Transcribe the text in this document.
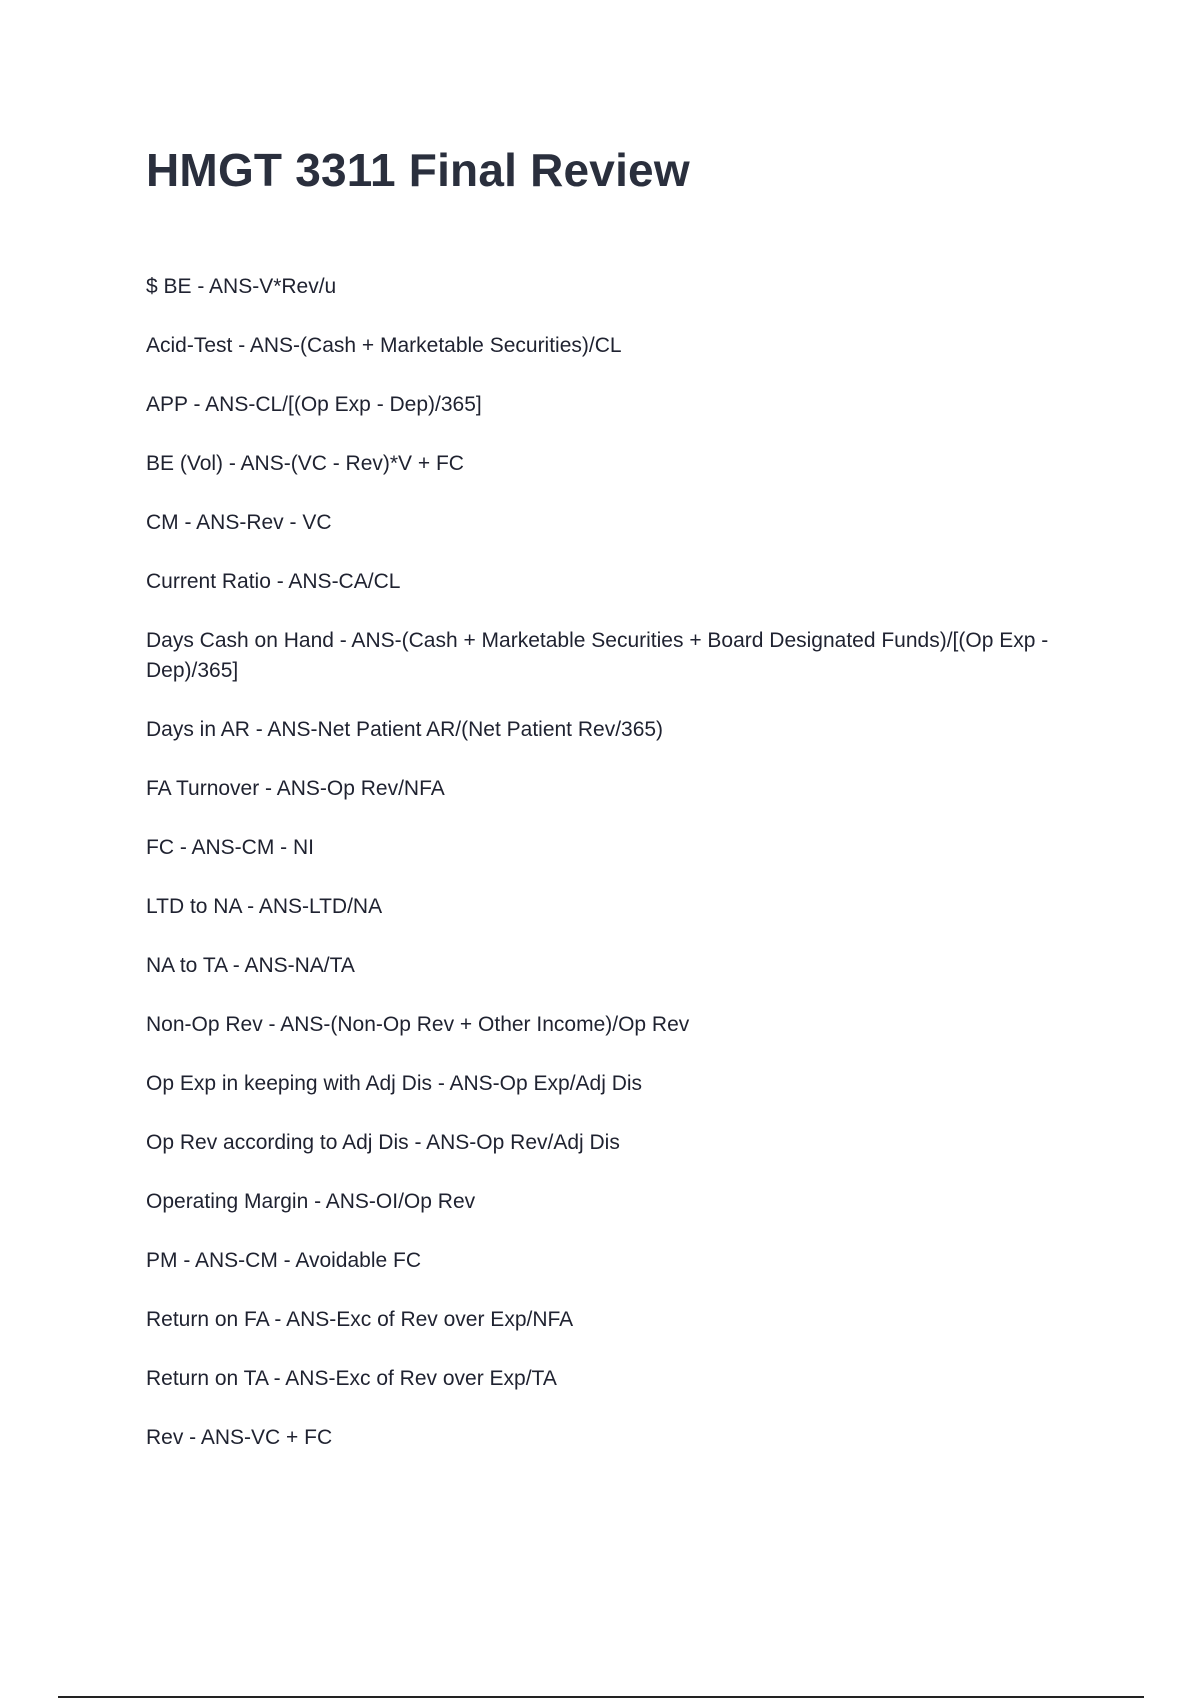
HMGT 3311 Final Review
$ BE - ANS-V*Rev/u
Acid-Test - ANS-(Cash + Marketable Securities)/CL
APP - ANS-CL/[(Op Exp - Dep)/365]
BE (Vol) - ANS-(VC - Rev)*V + FC
CM - ANS-Rev - VC
Current Ratio - ANS-CA/CL
Days Cash on Hand - ANS-(Cash + Marketable Securities + Board Designated Funds)/[(Op Exp - Dep)/365]
Days in AR - ANS-Net Patient AR/(Net Patient Rev/365)
FA Turnover - ANS-Op Rev/NFA
FC - ANS-CM - NI
LTD to NA - ANS-LTD/NA
NA to TA - ANS-NA/TA
Non-Op Rev - ANS-(Non-Op Rev + Other Income)/Op Rev
Op Exp in keeping with Adj Dis - ANS-Op Exp/Adj Dis
Op Rev according to Adj Dis - ANS-Op Rev/Adj Dis
Operating Margin - ANS-OI/Op Rev
PM - ANS-CM - Avoidable FC
Return on FA - ANS-Exc of Rev over Exp/NFA
Return on TA - ANS-Exc of Rev over Exp/TA
Rev - ANS-VC + FC
